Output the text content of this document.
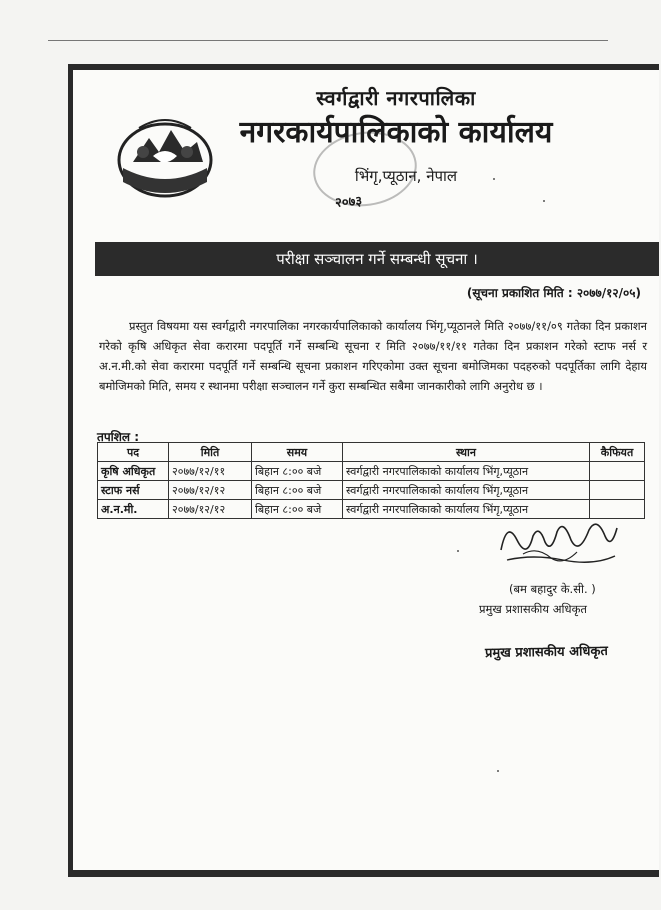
स्वर्गद्वारी नगरपालिका
नगरकार्यपालिकाको कार्यालय
भिंगृ,प्यूठान, नेपाल
२०७३
परीक्षा सञ्चालन गर्ने सम्बन्धी सूचना ।
(सूचना प्रकाशित मिति : २०७७/१२/०५)

प्रस्तुत विषयमा यस स्वर्गद्वारी नगरपालिका नगरकार्यपालिकाको कार्यालय भिंगृ,प्यूठानले मिति २०७७/११/०९ गतेका दिन प्रकाशन गरेको कृषि अधिकृत सेवा करारमा पदपूर्ति गर्ने सम्बन्धि सूचना र मिति २०७७/११/११ गतेका दिन प्रकाशन गरेको स्टाफ नर्स र अ.न.मी.को सेवा करारमा पदपूर्ति गर्ने सम्बन्धि सूचना प्रकाशन गरिएकोमा उक्त सूचना बमोजिमका पदहरुको पदपूर्तिका लागि देहाय बमोजिमको मिति, समय र स्थानमा परीक्षा सञ्चालन गर्ने कुरा सम्बन्धित सबैमा जानकारीको लागि अनुरोध छ ।

तपशिल :
पद	मिति	समय	स्थान	कैफियत
कृषि अधिकृत	२०७७/१२/११	बिहान ८:०० बजे	स्वर्गद्वारी नगरपालिकाको कार्यालय भिंगृ,प्यूठान	
स्टाफ नर्स	२०७७/१२/१२	बिहान ८:०० बजे	स्वर्गद्वारी नगरपालिकाको कार्यालय भिंगृ,प्यूठान	
अ.न.मी.	२०७७/१२/१२	बिहान ८:०० बजे	स्वर्गद्वारी नगरपालिकाको कार्यालय भिंगृ,प्यूठान	
(बम बहादुर के.सी. )
प्रमुख प्रशासकीय अधिकृत
प्रमुख प्रशासकीय अधिकृत
